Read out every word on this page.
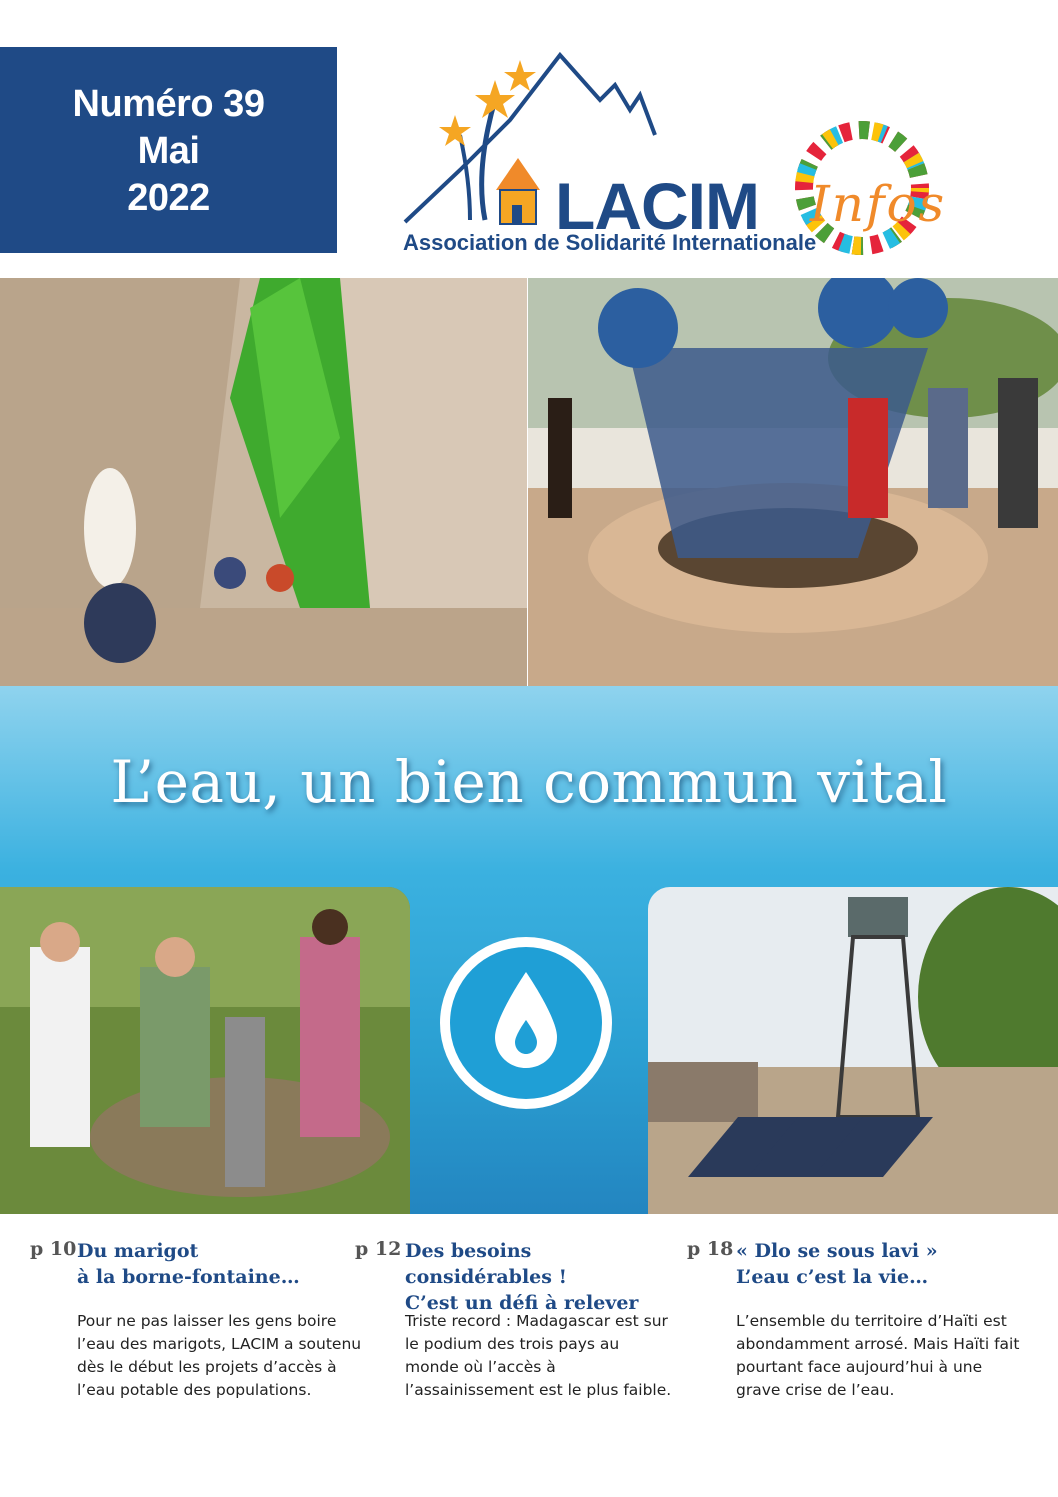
Numéro 39
Mai
2022	LACIM Infos
Association de Solidarité Internationale
L’eau, un bien commun vital
p 10 Du marigot
à la borne-fontaine…
Pour ne pas laisser les gens boire l’eau des marigots, LACIM a soutenu dès le début les projets d’accès à l’eau potable des populations.
p 12 Des besoins considérables !
C’est un défi à relever
Triste record : Madagascar est sur le podium des trois pays au monde où l’accès à l’assainissement est le plus faible.
p 18 « Dlo se sous lavi »
L’eau c’est la vie…
L’ensemble du territoire d’Haïti est abondamment arrosé. Mais Haïti fait pourtant face aujourd’hui à une grave crise de l’eau.
